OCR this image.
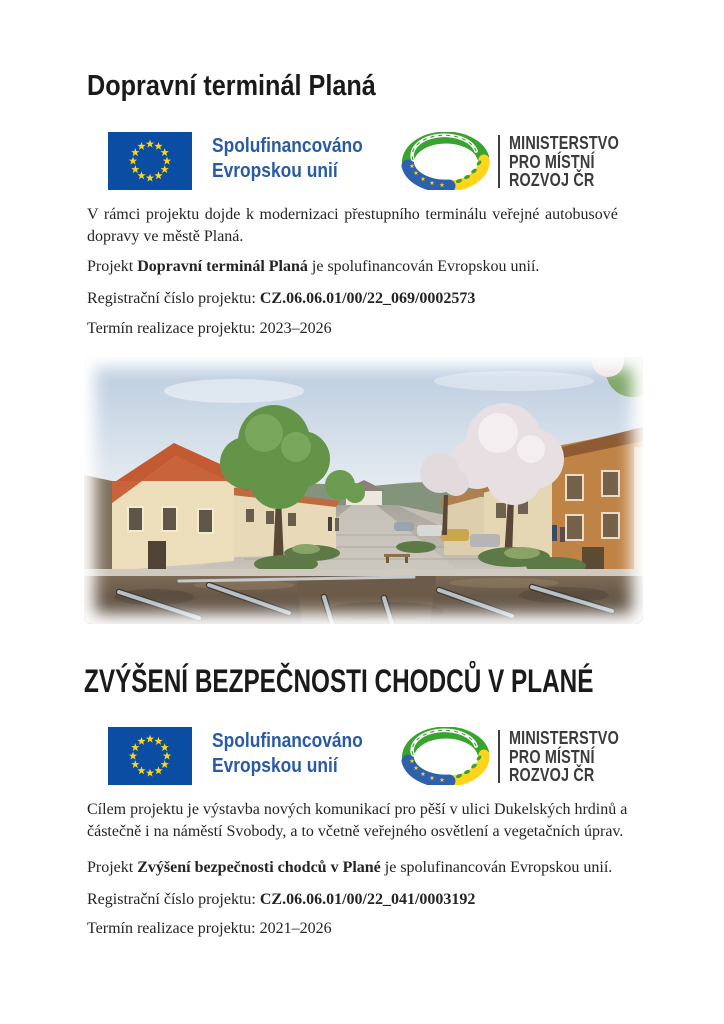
Dopravní terminál Planá
Spolufinancováno
Evropskou unií
MINISTERSTVO
PRO MÍSTNÍ
ROZVOJ ČR
V rámci projektu dojde k modernizaci přestupního terminálu veřejné autobusové
dopravy ve městě Planá.
Projekt Dopravní terminál Planá je spolufinancován Evropskou unií.
Registrační číslo projektu: CZ.06.06.01/00/22_069/0002573
Termín realizace projektu: 2023–2026
ZVÝŠENÍ BEZPEČNOSTI CHODCŮ V PLANÉ
Spolufinancováno
Evropskou unií
MINISTERSTVO
PRO MÍSTNÍ
ROZVOJ ČR
Cílem projektu je výstavba nových komunikací pro pěší v ulici Dukelských hrdinů a
částečně i na náměstí Svobody, a to včetně veřejného osvětlení a vegetačních úprav.
Projekt Zvýšení bezpečnosti chodců v Plané je spolufinancován Evropskou unií.
Registrační číslo projektu: CZ.06.06.01/00/22_041/0003192
Termín realizace projektu: 2021–2026
